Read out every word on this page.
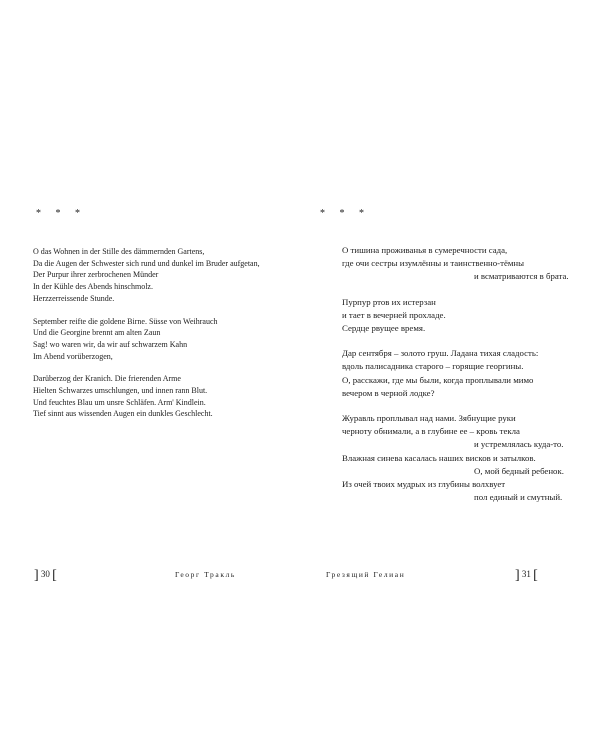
* * *
O das Wohnen in der Stille des dämmernden Gartens,
Da die Augen der Schwester sich rund und dunkel im Bruder aufgetan,
Der Purpur ihrer zerbrochenen Münder
In der Kühle des Abends hinschmolz.
Herzzerreissende Stunde.
September reifte die goldene Birne. Süsse von Weihrauch
Und die Georgine brennt am alten Zaun
Sag! wo waren wir, da wir auf schwarzem Kahn
Im Abend vorüberzogen,
Darüberzog der Kranich. Die frierenden Arme
Hielten Schwarzes umschlungen, und innen rann Blut.
Und feuchtes Blau um unsre Schläfen. Arm' Kindlein.
Tief sinnt aus wissenden Augen ein dunkles Geschlecht.
] 30 [	Георг Тракль
* * *
О тишина проживанья в сумеречности сада,
где очи сестры изумлённы и таинственно-тёмны
и всматриваются в брата.
Пурпур ртов их истерзан
и тает в вечерней прохладе.
Сердце рвущее время.
Дар сентября – золото груш. Ладана тихая сладость:
вдоль палисадника старого – горящие георгины.
О, расскажи, где мы были, когда проплывали мимо
вечером в черной лодке?
Журавль проплывал над нами. Зябнущие руки
черноту обнимали, а в глубине ее – кровь текла
и устремлялась куда-то.
Влажная синева касалась наших висков и затылков.
О, мой бедный ребенок.
Из очей твоих мудрых из глубины волхвует
пол единый и смутный.
Грезящий Гелиан	] 31 [
